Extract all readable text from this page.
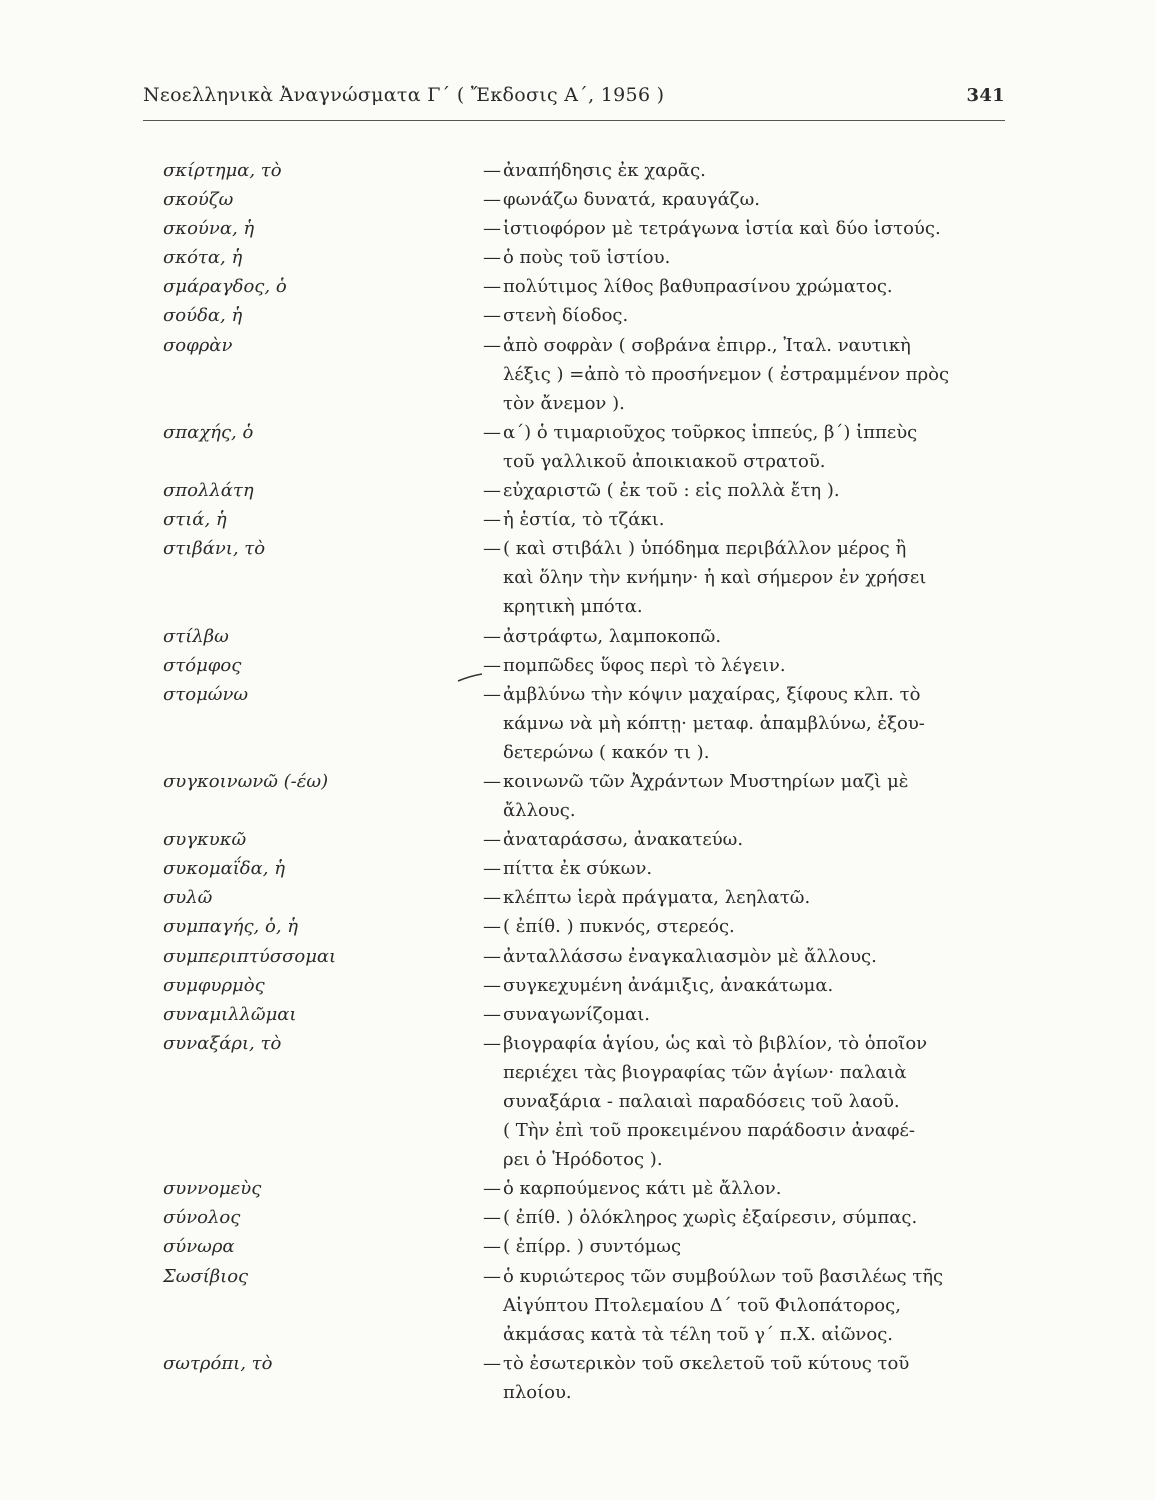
Νεοελληνικὰ Ἀναγνώσματα Γ΄ ( Ἔκδοσις Α΄, 1956 )	341
σκίρτημα, τὸ	— ἀναπήδησις ἐκ χαρᾶς.
σκούζω	— φωνάζω δυνατά, κραυγάζω.
σκούνα, ἡ	— ἱστιοφόρον μὲ τετράγωνα ἱστία καὶ δύο ἱστούς.
σκότα, ἡ	— ὁ ποὺς τοῦ ἱστίου.
σμάραγδος, ὁ	— πολύτιμος λίθος βαθυπρασίνου χρώματος.
σούδα, ἡ	— στενὴ δίοδος.
σοφρὰν	— ἀπὸ σοφρὰν ( σοβράνα ἐπιρρ., Ἰταλ. ναυτικὴ
λέξις ) =ἀπὸ τὸ προσήνεμον ( ἐστραμμένον πρὸς
τὸν ἄνεμον ).
σπαχής, ὁ	— α΄) ὁ τιμαριοῦχος τοῦρκος ἱππεύς, β΄) ἱππεὺς
τοῦ γαλλικοῦ ἀποικιακοῦ στρατοῦ.
σπολλάτη	— εὐχαριστῶ ( ἐκ τοῦ : εἰς πολλὰ ἔτη ).
στιά, ἡ	— ἡ ἑστία, τὸ τζάκι.
στιβάνι, τὸ	— ( καὶ στιβάλι ) ὑπόδημα περιβάλλον μέρος ἢ
καὶ ὅλην τὴν κνήμην· ἡ καὶ σήμερον ἐν χρήσει
κρητικὴ μπότα.
στίλβω	— ἀστράφτω, λαμποκοπῶ.
στόμφος	— πομπῶδες ὕφος περὶ τὸ λέγειν.
στομώνω	— ἀμβλύνω τὴν κόψιν μαχαίρας, ξίφους κλπ. τὸ
κάμνω νὰ μὴ κόπτῃ· μεταφ. ἀπαμβλύνω, ἐξου-
δετερώνω ( κακόν τι ).
συγκοινωνῶ (-έω)	— κοινωνῶ τῶν Ἀχράντων Μυστηρίων μαζὶ μὲ
ἄλλους.
συγκυκῶ	— ἀναταράσσω, ἀνακατεύω.
συκομαΐδα, ἡ	— πίττα ἐκ σύκων.
συλῶ	— κλέπτω ἱερὰ πράγματα, λεηλατῶ.
συμπαγής, ὁ, ἡ	— ( ἐπίθ. ) πυκνός, στερεός.
συμπεριπτύσσομαι	— ἀνταλλάσσω ἐναγκαλιασμὸν μὲ ἄλλους.
συμφυρμὸς	— συγκεχυμένη ἀνάμιξις, ἀνακάτωμα.
συναμιλλῶμαι	— συναγωνίζομαι.
συναξάρι, τὸ	— βιογραφία ἁγίου, ὡς καὶ τὸ βιβλίον, τὸ ὁποῖον
περιέχει τὰς βιογραφίας τῶν ἁγίων· παλαιὰ
συναξάρια - παλαιαὶ παραδόσεις τοῦ λαοῦ.
( Τὴν ἐπὶ τοῦ προκειμένου παράδοσιν ἀναφέ-
ρει ὁ Ἡρόδοτος ).
συννομεὺς	— ὁ καρπούμενος κάτι μὲ ἄλλον.
σύνολος	— ( ἐπίθ. ) ὁλόκληρος χωρὶς ἐξαίρεσιν, σύμπας.
σύνωρα	— ( ἐπίρρ. ) συντόμως
Σωσίβιος	— ὁ κυριώτερος τῶν συμβούλων τοῦ βασιλέως τῆς
Αἰγύπτου Πτολεμαίου Δ΄ τοῦ Φιλοπάτορος,
ἀκμάσας κατὰ τὰ τέλη τοῦ γ΄ π.Χ. αἰῶνος.
σωτρόπι, τὸ	— τὸ ἐσωτερικὸν τοῦ σκελετοῦ τοῦ κύτους τοῦ
πλοίου.
